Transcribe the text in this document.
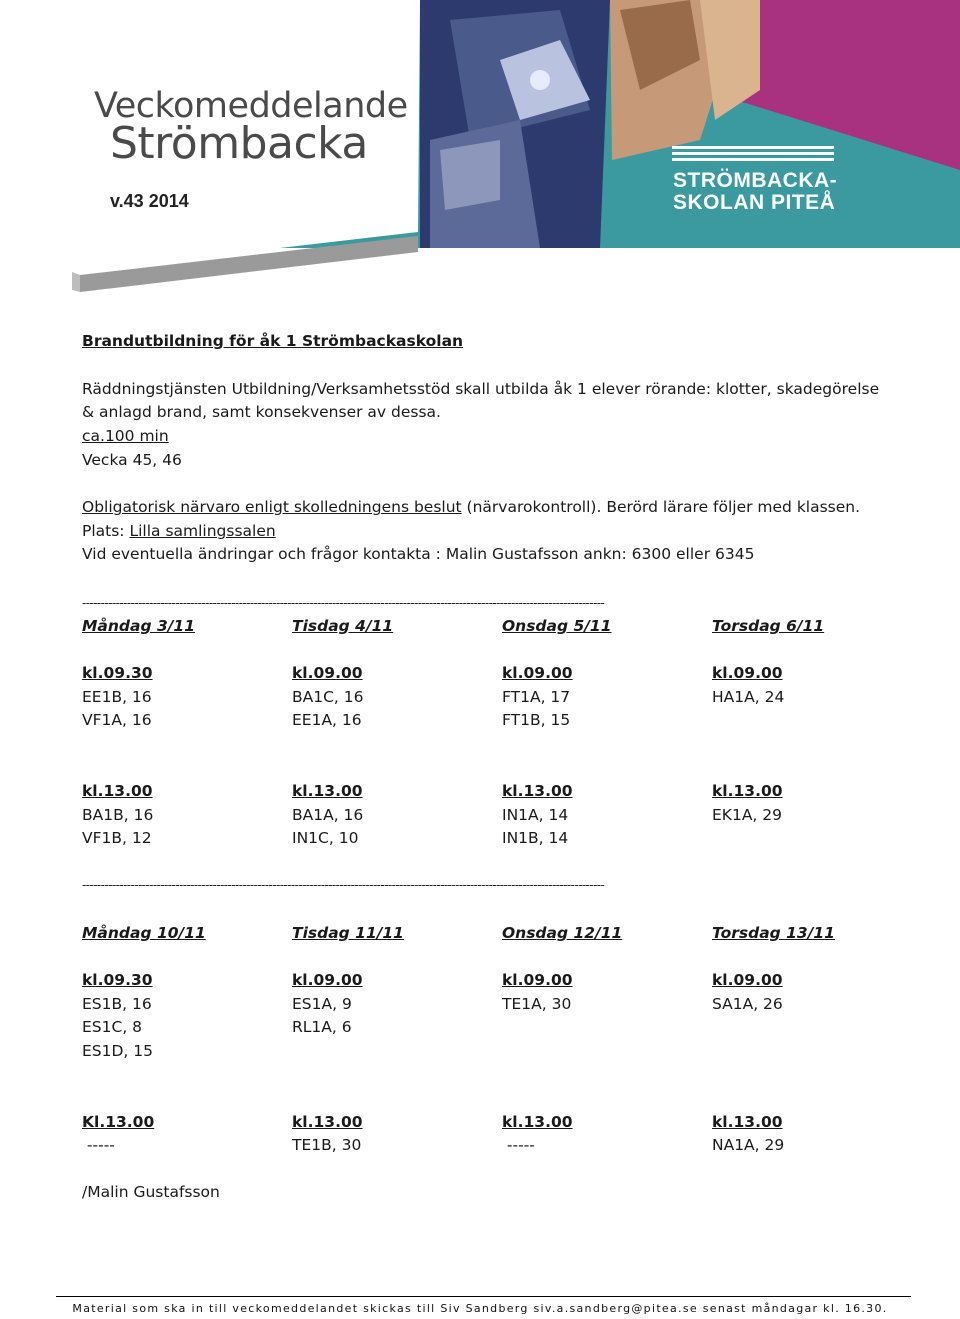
Veckomeddelande
Strömbacka
v.43 2014
STRÖMBACKA-
SKOLAN PITEÅ
Brandutbildning för åk 1 Strömbackaskolan
Räddningstjänsten Utbildning/Verksamhetsstöd skall utbilda åk 1 elever rörande: klotter, skadegörelse
& anlagd brand, samt konsekvenser av dessa.
ca.100 min
Vecka 45, 46
Obligatorisk närvaro enligt skolledningens beslut (närvarokontroll). Berörd lärare följer med klassen.
Plats: Lilla samlingssalen
Vid eventuella ändringar och frågor kontakta : Malin Gustafsson ankn: 6300 eller 6345
--------------------------------------------------------------------------------------------------------------------------------------------
Måndag 3/11	Tisdag 4/11	Onsdag 5/11	Torsdag 6/11
kl.09.30	kl.09.00	kl.09.00	kl.09.00
EE1B, 16	BA1C, 16	FT1A, 17	HA1A, 24
VF1A, 16	EE1A, 16	FT1B, 15
kl.13.00	kl.13.00	kl.13.00	kl.13.00
BA1B, 16	BA1A, 16	IN1A, 14	EK1A, 29
VF1B, 12	IN1C, 10	IN1B, 14
--------------------------------------------------------------------------------------------------------------------------------------------
Måndag 10/11	Tisdag 11/11	Onsdag 12/11	Torsdag 13/11
kl.09.30	kl.09.00	kl.09.00	kl.09.00
ES1B, 16	ES1A, 9	TE1A, 30	SA1A, 26
ES1C, 8	RL1A, 6
ES1D, 15
Kl.13.00	kl.13.00	kl.13.00	kl.13.00
-----	TE1B, 30	-----	NA1A, 29
/Malin Gustafsson
Material som ska in till veckomeddelandet skickas till Siv Sandberg siv.a.sandberg@pitea.se senast måndagar kl. 16.30.
